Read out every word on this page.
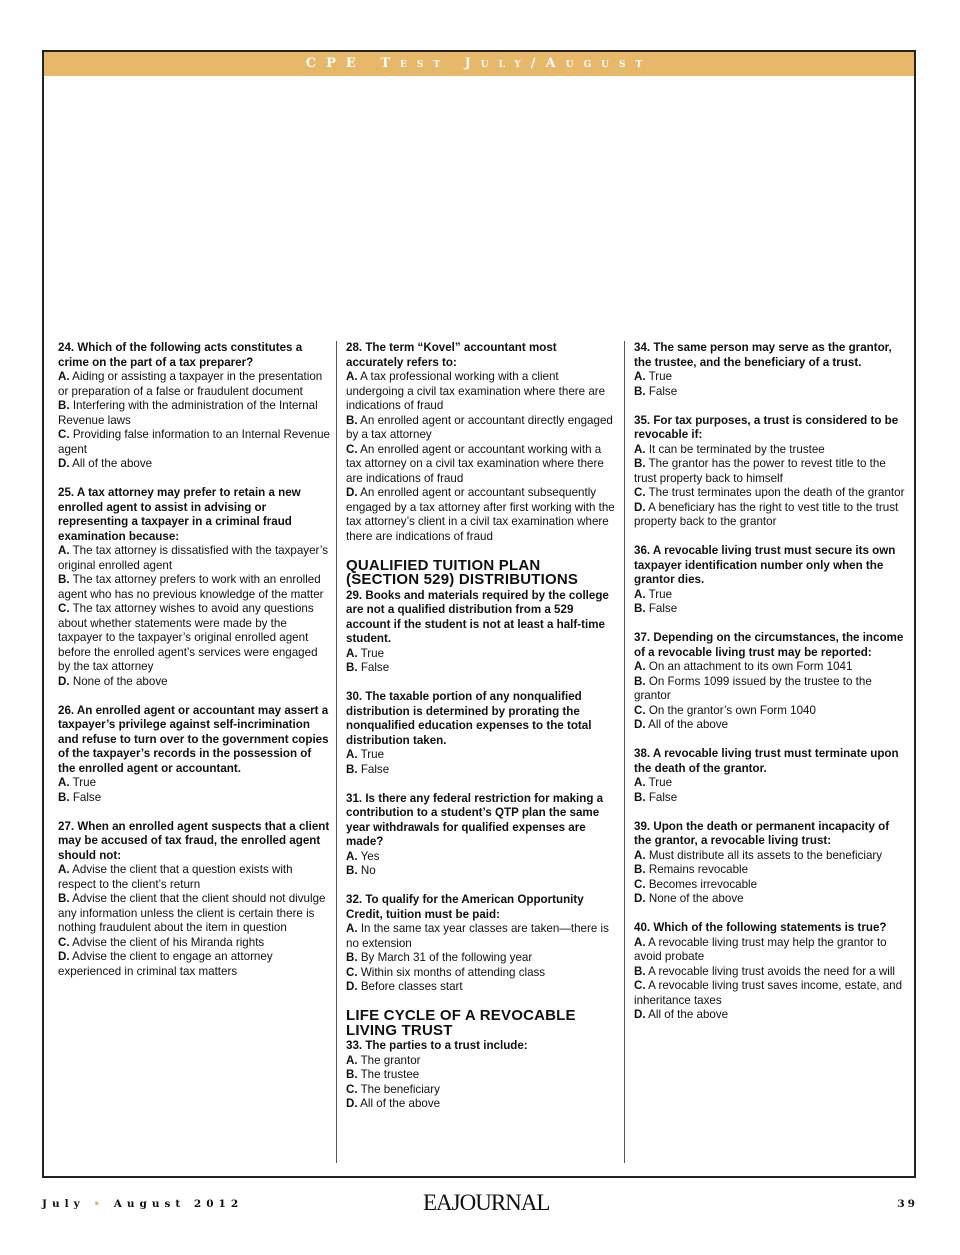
CPE Test July/August
24. Which of the following acts constitutes a crime on the part of a tax preparer?
A. Aiding or assisting a taxpayer in the presentation or preparation of a false or fraudulent document
B. Interfering with the administration of the Internal Revenue laws
C. Providing false information to an Internal Revenue agent
D. All of the above
25. A tax attorney may prefer to retain a new enrolled agent to assist in advising or representing a taxpayer in a criminal fraud examination because:
A. The tax attorney is dissatisfied with the taxpayer’s original enrolled agent
B. The tax attorney prefers to work with an enrolled agent who has no previous knowledge of the matter
C. The tax attorney wishes to avoid any questions about whether statements were made by the taxpayer to the taxpayer’s original enrolled agent before the enrolled agent’s services were engaged by the tax attorney
D. None of the above
26. An enrolled agent or accountant may assert a taxpayer’s privilege against self-incrimination and refuse to turn over to the government copies of the taxpayer’s records in the possession of the enrolled agent or accountant.
A. True
B. False
27. When an enrolled agent suspects that a client may be accused of tax fraud, the enrolled agent should not:
A. Advise the client that a question exists with respect to the client’s return
B. Advise the client that the client should not divulge any information unless the client is certain there is nothing fraudulent about the item in question
C. Advise the client of his Miranda rights
D. Advise the client to engage an attorney experienced in criminal tax matters
28. The term “Kovel” accountant most accurately refers to:
A. A tax professional working with a client undergoing a civil tax examination where there are indications of fraud
B. An enrolled agent or accountant directly engaged by a tax attorney
C. An enrolled agent or accountant working with a tax attorney on a civil tax examination where there are indications of fraud
D. An enrolled agent or accountant subsequently engaged by a tax attorney after first working with the tax attorney’s client in a civil tax examination where there are indications of fraud
QUALIFIED TUITION PLAN (SECTION 529) DISTRIBUTIONS
29. Books and materials required by the college are not a qualified distribution from a 529 account if the student is not at least a half-time student.
A. True
B. False
30. The taxable portion of any nonqualified distribution is determined by prorating the nonqualified education expenses to the total distribution taken.
A. True
B. False
31. Is there any federal restriction for making a contribution to a student’s QTP plan the same year withdrawals for qualified expenses are made?
A. Yes
B. No
32. To qualify for the American Opportunity Credit, tuition must be paid:
A. In the same tax year classes are taken—there is no extension
B. By March 31 of the following year
C. Within six months of attending class
D. Before classes start
LIFE CYCLE OF A REVOCABLE LIVING TRUST
33. The parties to a trust include:
A. The grantor
B. The trustee
C. The beneficiary
D. All of the above
34. The same person may serve as the grantor, the trustee, and the beneficiary of a trust.
A. True
B. False
35. For tax purposes, a trust is considered to be revocable if:
A. It can be terminated by the trustee
B. The grantor has the power to revest title to the trust property back to himself
C. The trust terminates upon the death of the grantor
D. A beneficiary has the right to vest title to the trust property back to the grantor
36. A revocable living trust must secure its own taxpayer identification number only when the grantor dies.
A. True
B. False
37. Depending on the circumstances, the income of a revocable living trust may be reported:
A. On an attachment to its own Form 1041
B. On Forms 1099 issued by the trustee to the grantor
C. On the grantor’s own Form 1040
D. All of the above
38. A revocable living trust must terminate upon the death of the grantor.
A. True
B. False
39. Upon the death or permanent incapacity of the grantor, a revocable living trust:
A. Must distribute all its assets to the beneficiary
B. Remains revocable
C. Becomes irrevocable
D. None of the above
40. Which of the following statements is true?
A. A revocable living trust may help the grantor to avoid probate
B. A revocable living trust avoids the need for a will
C. A revocable living trust saves income, estate, and inheritance taxes
D. All of the above
July • August 2012	EAJOURNAL	39
